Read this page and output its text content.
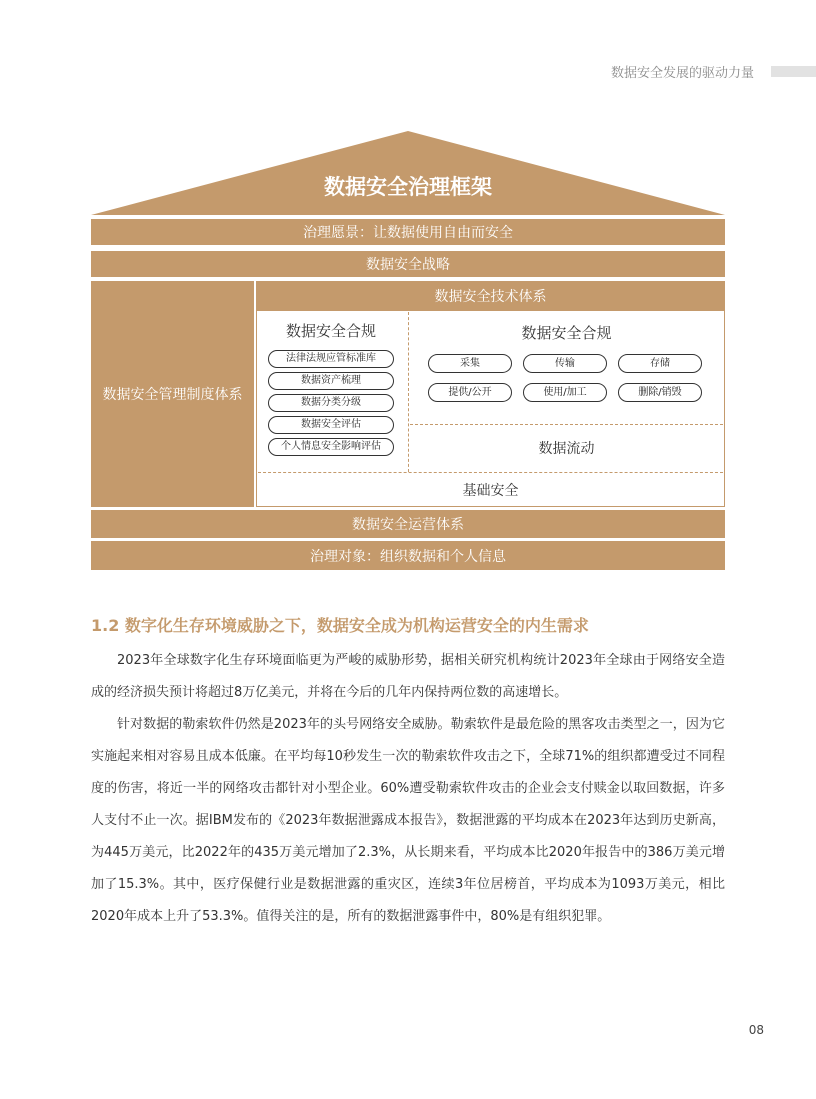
数据安全发展的驱动力量
数据安全治理框架
治理愿景：让数据使用自由而安全
数据安全战略
数据安全管理制度体系
数据安全技术体系
数据安全合规
法律法规应管标准库
数据资产梳理
数据分类分级
数据安全评估
个人情息安全影响评估
数据安全合规
采集	传输	存储
提供/公开	使用/加工	删除/销毁
数据流动
基础安全
数据安全运营体系
治理对象：组织数据和个人信息
1.2 数字化生存环境威胁之下，数据安全成为机构运营安全的内生需求
2023年全球数字化生存环境面临更为严峻的威胁形势，据相关研究机构统计2023年全球由于网络安全造成的经济损失预计将超过8万亿美元，并将在今后的几年内保持两位数的高速增长。
针对数据的勒索软件仍然是2023年的头号网络安全威胁。勒索软件是最危险的黑客攻击类型之一，因为它实施起来相对容易且成本低廉。在平均每10秒发生一次的勒索软件攻击之下，全球71%的组织都遭受过不同程度的伤害，将近一半的网络攻击都针对小型企业。60%遭受勒索软件攻击的企业会支付赎金以取回数据，许多人支付不止一次。据IBM发布的《2023年数据泄露成本报告》，数据泄露的平均成本在2023年达到历史新高，为445万美元，比2022年的435万美元增加了2.3%，从长期来看，平均成本比2020年报告中的386万美元增加了15.3%。其中，医疗保健行业是数据泄露的重灾区，连续3年位居榜首，平均成本为1093万美元，相比2020年成本上升了53.3%。值得关注的是，所有的数据泄露事件中，80%是有组织犯罪。
08
